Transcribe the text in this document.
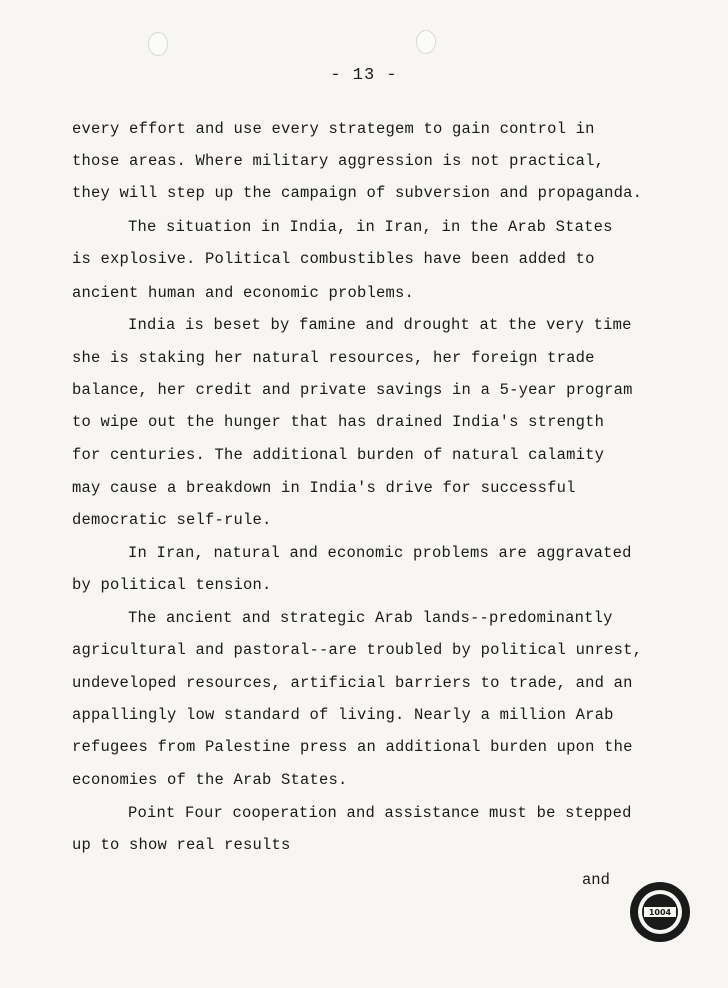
- 13 -
every effort and use every strategem to gain control in
those areas. Where military aggression is not practical,
they will step up the campaign of subversion and propaganda.
The situation in India, in Iran, in the Arab States
is explosive. Political combustibles have been added to
ancient human and economic problems.
India is beset by famine and drought at the very time
she is staking her natural resources, her foreign trade
balance, her credit and private savings in a 5-year program
to wipe out the hunger that has drained India's strength
for centuries. The additional burden of natural calamity
may cause a breakdown in India's drive for successful
democratic self-rule.
In Iran, natural and economic problems are aggravated
by political tension.
The ancient and strategic Arab lands--predominantly
agricultural and pastoral--are troubled by political unrest,
undeveloped resources, artificial barriers to trade, and an
appallingly low standard of living. Nearly a million Arab
refugees from Palestine press an additional burden upon the
economies of the Arab States.
Point Four cooperation and assistance must be stepped
up to show real results
and
1004
